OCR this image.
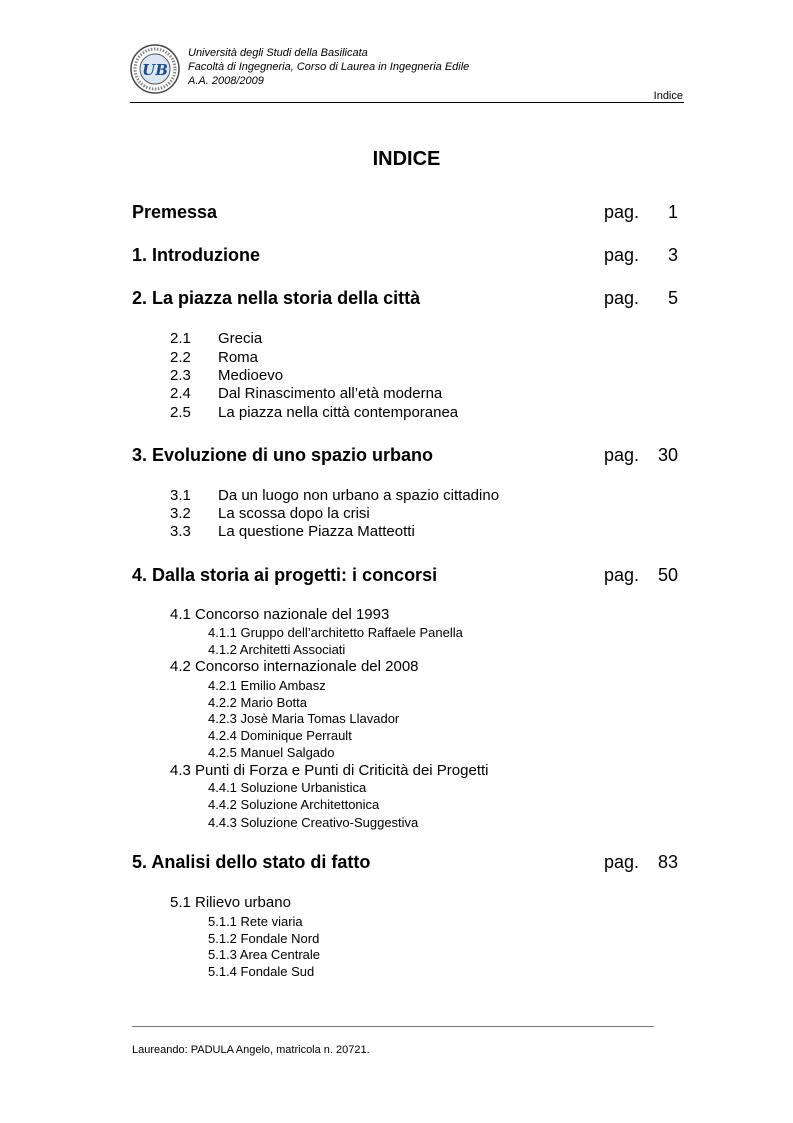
UB
Università degli Studi della Basilicata
Facoltà di Ingegneria, Corso di Laurea in Ingegneria Edile
A.A. 2008/2009
Indice
INDICE
Premessa	pag.	1
1. Introduzione	pag.	3
2. La piazza nella storia della città	pag.	5
2.1 Grecia
2.2 Roma
2.3 Medioevo
2.4 Dal Rinascimento all’età moderna
2.5 La piazza nella città contemporanea
3. Evoluzione di uno spazio urbano	pag.	30
3.1 Da un luogo non urbano a spazio cittadino
3.2 La scossa dopo la crisi
3.3 La questione Piazza Matteotti
4. Dalla storia ai progetti: i concorsi	pag.	50
4.1 Concorso nazionale del 1993
4.1.1 Gruppo dell’architetto Raffaele Panella
4.1.2 Architetti Associati
4.2 Concorso internazionale del 2008
4.2.1 Emilio Ambasz
4.2.2 Mario Botta
4.2.3 Josè Maria Tomas Llavador
4.2.4 Dominique Perrault
4.2.5 Manuel Salgado
4.3 Punti di Forza e Punti di Criticità dei Progetti
4.4.1 Soluzione Urbanistica
4.4.2 Soluzione Architettonica
4.4.3 Soluzione Creativo-Suggestiva
5. Analisi dello stato di fatto	pag.	83
5.1 Rilievo urbano
5.1.1 Rete viaria
5.1.2 Fondale Nord
5.1.3 Area Centrale
5.1.4 Fondale Sud
Laureando: PADULA Angelo, matricola n. 20721.
